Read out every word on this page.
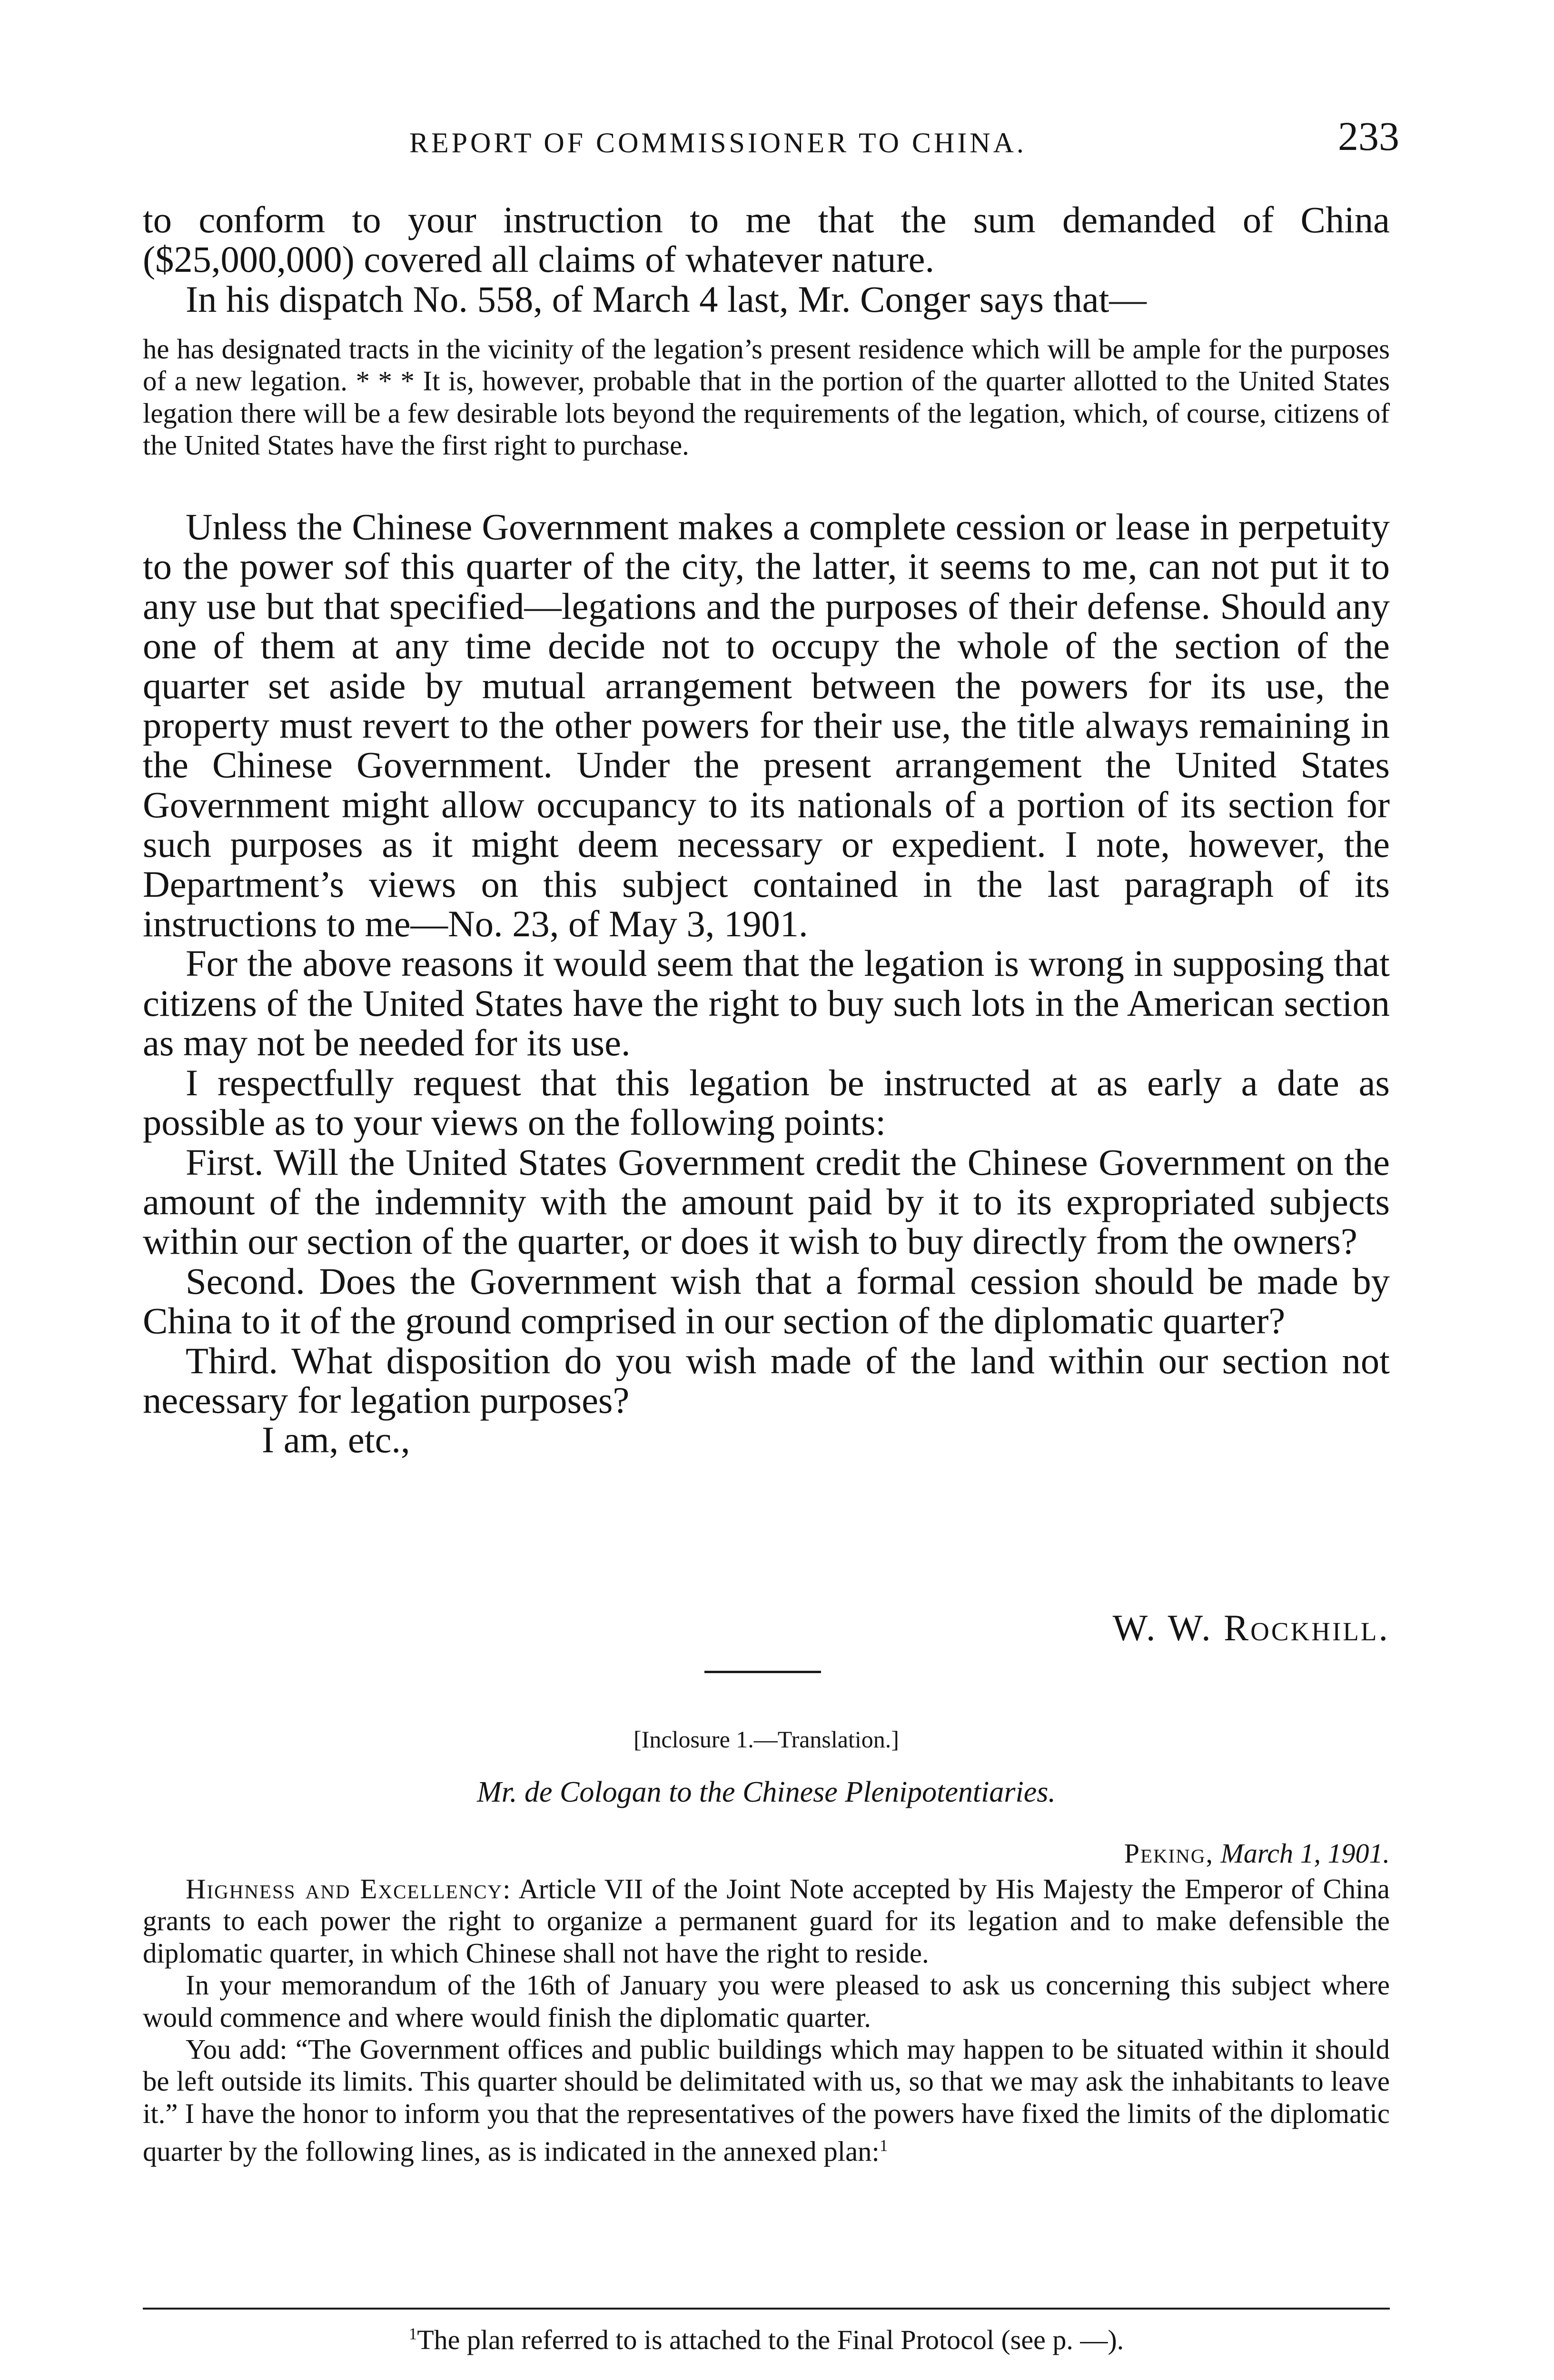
REPORT OF COMMISSIONER TO CHINA.	233

to conform to your instruction to me that the sum demanded of China ($25,000,000) covered all claims of whatever nature.

In his dispatch No. 558, of March 4 last, Mr. Conger says that—

he has designated tracts in the vicinity of the legation’s present residence which will be ample for the purposes of a new legation. * * * It is, however, probable that in the portion of the quarter allotted to the United States legation there will be a few desirable lots beyond the requirements of the legation, which, of course, citizens of the United States have the first right to purchase.

Unless the Chinese Government makes a complete cession or lease in perpetuity to the power sof this quarter of the city, the latter, it seems to me, can not put it to any use but that specified—legations and the purposes of their defense. Should any one of them at any time decide not to occupy the whole of the section of the quarter set aside by mutual arrangement between the powers for its use, the property must revert to the other powers for their use, the title always remaining in the Chinese Government. Under the present arrangement the United States Government might allow occupancy to its nationals of a portion of its section for such purposes as it might deem necessary or expedient. I note, however, the Department’s views on this subject contained in the last paragraph of its instructions to me—No. 23, of May 3, 1901.

For the above reasons it would seem that the legation is wrong in supposing that citizens of the United States have the right to buy such lots in the American section as may not be needed for its use.

I respectfully request that this legation be instructed at as early a date as possible as to your views on the following points:

First. Will the United States Government credit the Chinese Government on the amount of the indemnity with the amount paid by it to its expropriated subjects within our section of the quarter, or does it wish to buy directly from the owners?

Second. Does the Government wish that a formal cession should be made by China to it of the ground comprised in our section of the diplomatic quarter?

Third. What disposition do you wish made of the land within our section not necessary for legation purposes?

I am, etc.,

W. W. Rockhill.
[Inclosure 1.—Translation.]
Mr. de Cologan to the Chinese Plenipotentiaries.
Peking, March 1, 1901.

Highness and Excellency: Article VII of the Joint Note accepted by His Majesty the Emperor of China grants to each power the right to organize a permanent guard for its legation and to make defensible the diplomatic quarter, in which Chinese shall not have the right to reside.

In your memorandum of the 16th of January you were pleased to ask us concerning this subject where would commence and where would finish the diplomatic quarter.

You add: “The Government offices and public buildings which may happen to be situated within it should be left outside its limits. This quarter should be delimitated with us, so that we may ask the inhabitants to leave it.” I have the honor to inform you that the representatives of the powers have fixed the limits of the diplomatic quarter by the following lines, as is indicated in the annexed plan:$^1$

$^1$The plan referred to is attached to the Final Protocol (see p. —).
